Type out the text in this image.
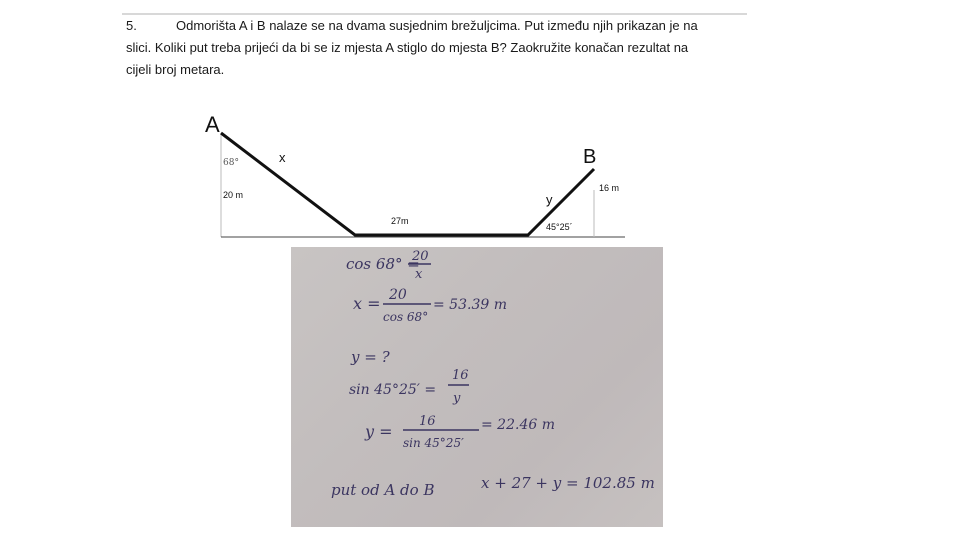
5.	Odmorišta A i B nalaze se na dvama susjednim brežuljcima. Put između njih prikazan je na
slici. Koliki put treba prijeći da bi se iz mjesta A stiglo do mjesta B? Zaokružite konačan rezultat na
cijeli broj metara.
A
B
68°
20 m
x
27m
y
16 m
45°25´
cos 68° =
20
x
x = 20
cos 68°
= 53.39 m
y = ?
sin 45°25′ =
16
y
y =
16
sin 45°25′
= 22.46 m
put od A do B	x + 27 + y = 102.85 m
